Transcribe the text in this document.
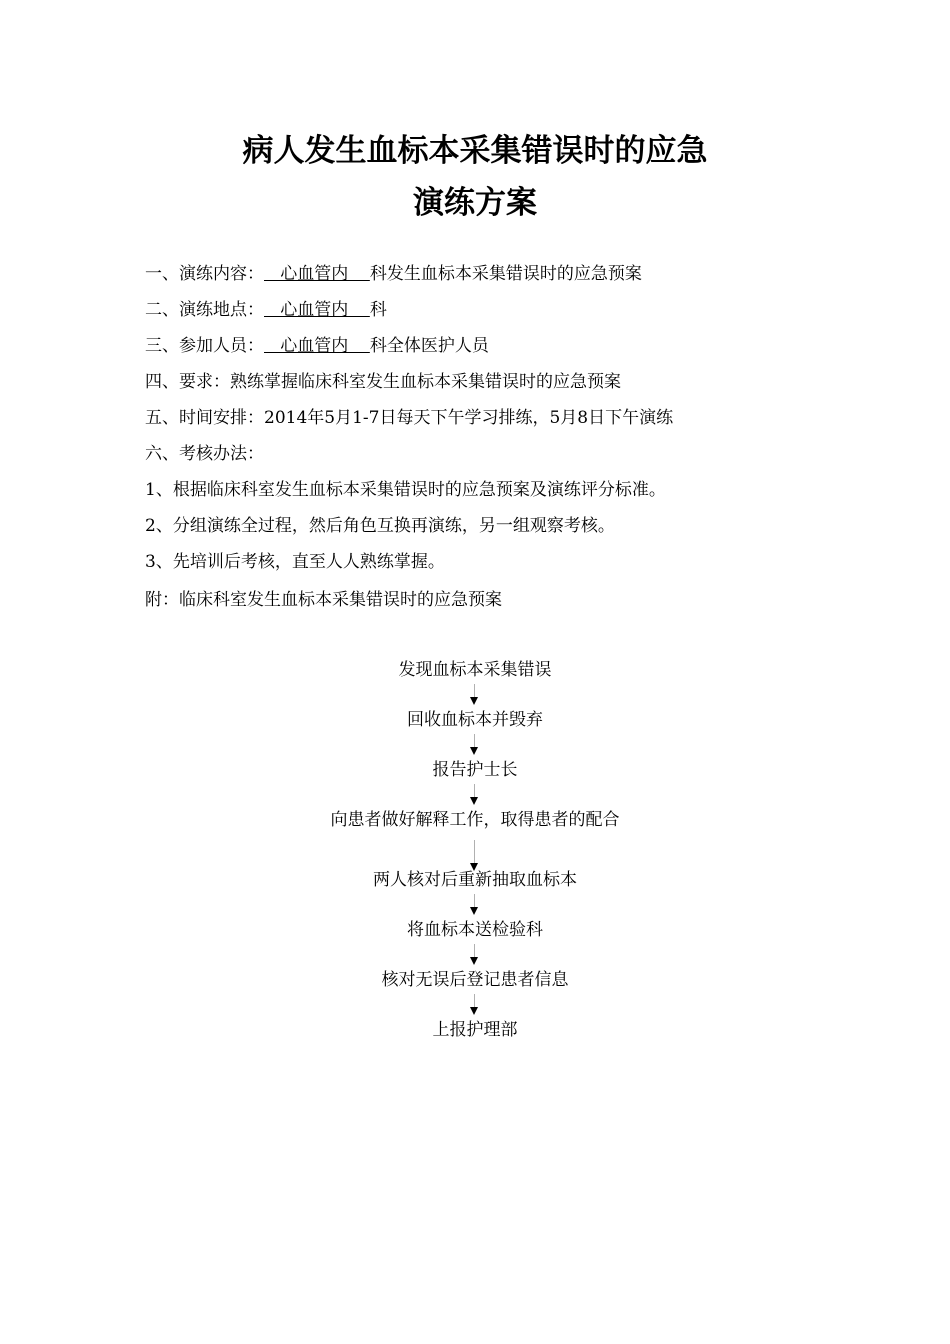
病人发生血标本采集错误时的应急
演练方案
一、演练内容：   心血管内    科发生血标本采集错误时的应急预案
二、演练地点：   心血管内    科
三、参加人员：   心血管内    科全体医护人员
四、要求：熟练掌握临床科室发生血标本采集错误时的应急预案
五、时间安排：2014年5月1-7日每天下午学习排练，5月8日下午演练
六、考核办法：
1、根据临床科室发生血标本采集错误时的应急预案及演练评分标准。
2、分组演练全过程，然后角色互换再演练，另一组观察考核。
3、先培训后考核，直至人人熟练掌握。
附：临床科室发生血标本采集错误时的应急预案
发现血标本采集错误
回收血标本并毁弃
报告护士长
向患者做好解释工作，取得患者的配合
两人核对后重新抽取血标本
将血标本送检验科
核对无误后登记患者信息
上报护理部
